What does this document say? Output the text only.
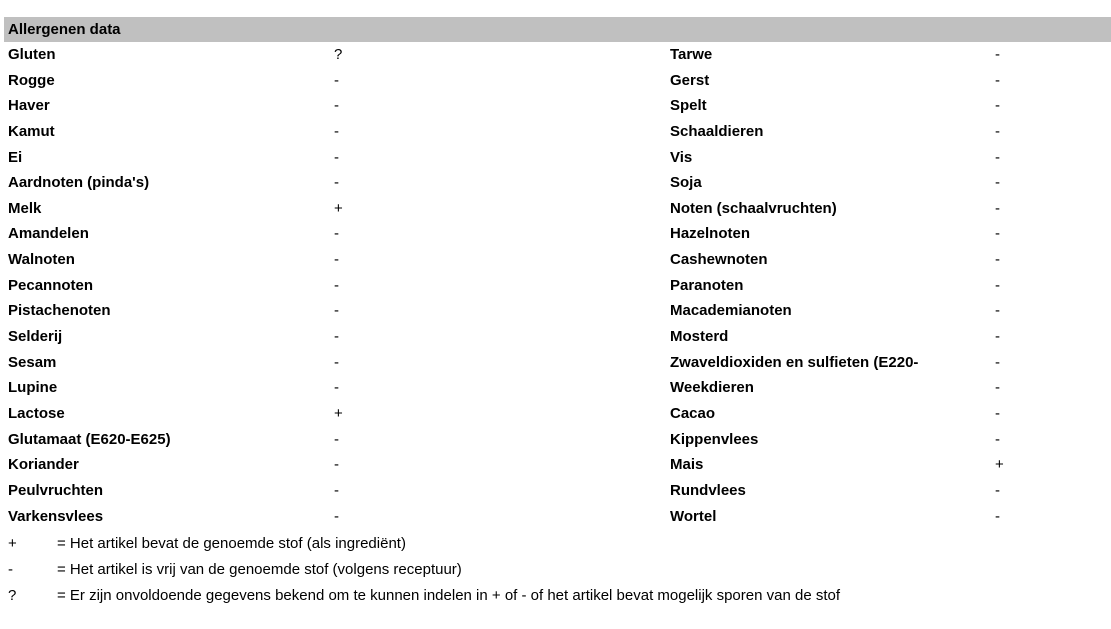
Allergenen data
Gluten	?	Tarwe	-
Rogge	-	Gerst	-
Haver	-	Spelt	-
Kamut	-	Schaaldieren	-
Ei	-	Vis	-
Aardnoten (pinda's)	-	Soja	-
Melk	+	Noten (schaalvruchten)	-
Amandelen	-	Hazelnoten	-
Walnoten	-	Cashewnoten	-
Pecannoten	-	Paranoten	-
Pistachenoten	-	Macademianoten	-
Selderij	-	Mosterd	-
Sesam	-	Zwaveldioxiden en sulfieten (E220-	-
Lupine	-	Weekdieren	-
Lactose	+	Cacao	-
Glutamaat (E620-E625)	-	Kippenvlees	-
Koriander	-	Mais	+
Peulvruchten	-	Rundvlees	-
Varkensvlees	-	Wortel	-
+	= Het artikel bevat de genoemde stof (als ingrediënt)
-	= Het artikel is vrij van de genoemde stof (volgens receptuur)
?	= Er zijn onvoldoende gegevens bekend om te kunnen indelen in + of - of het artikel bevat mogelijk sporen van de stof
